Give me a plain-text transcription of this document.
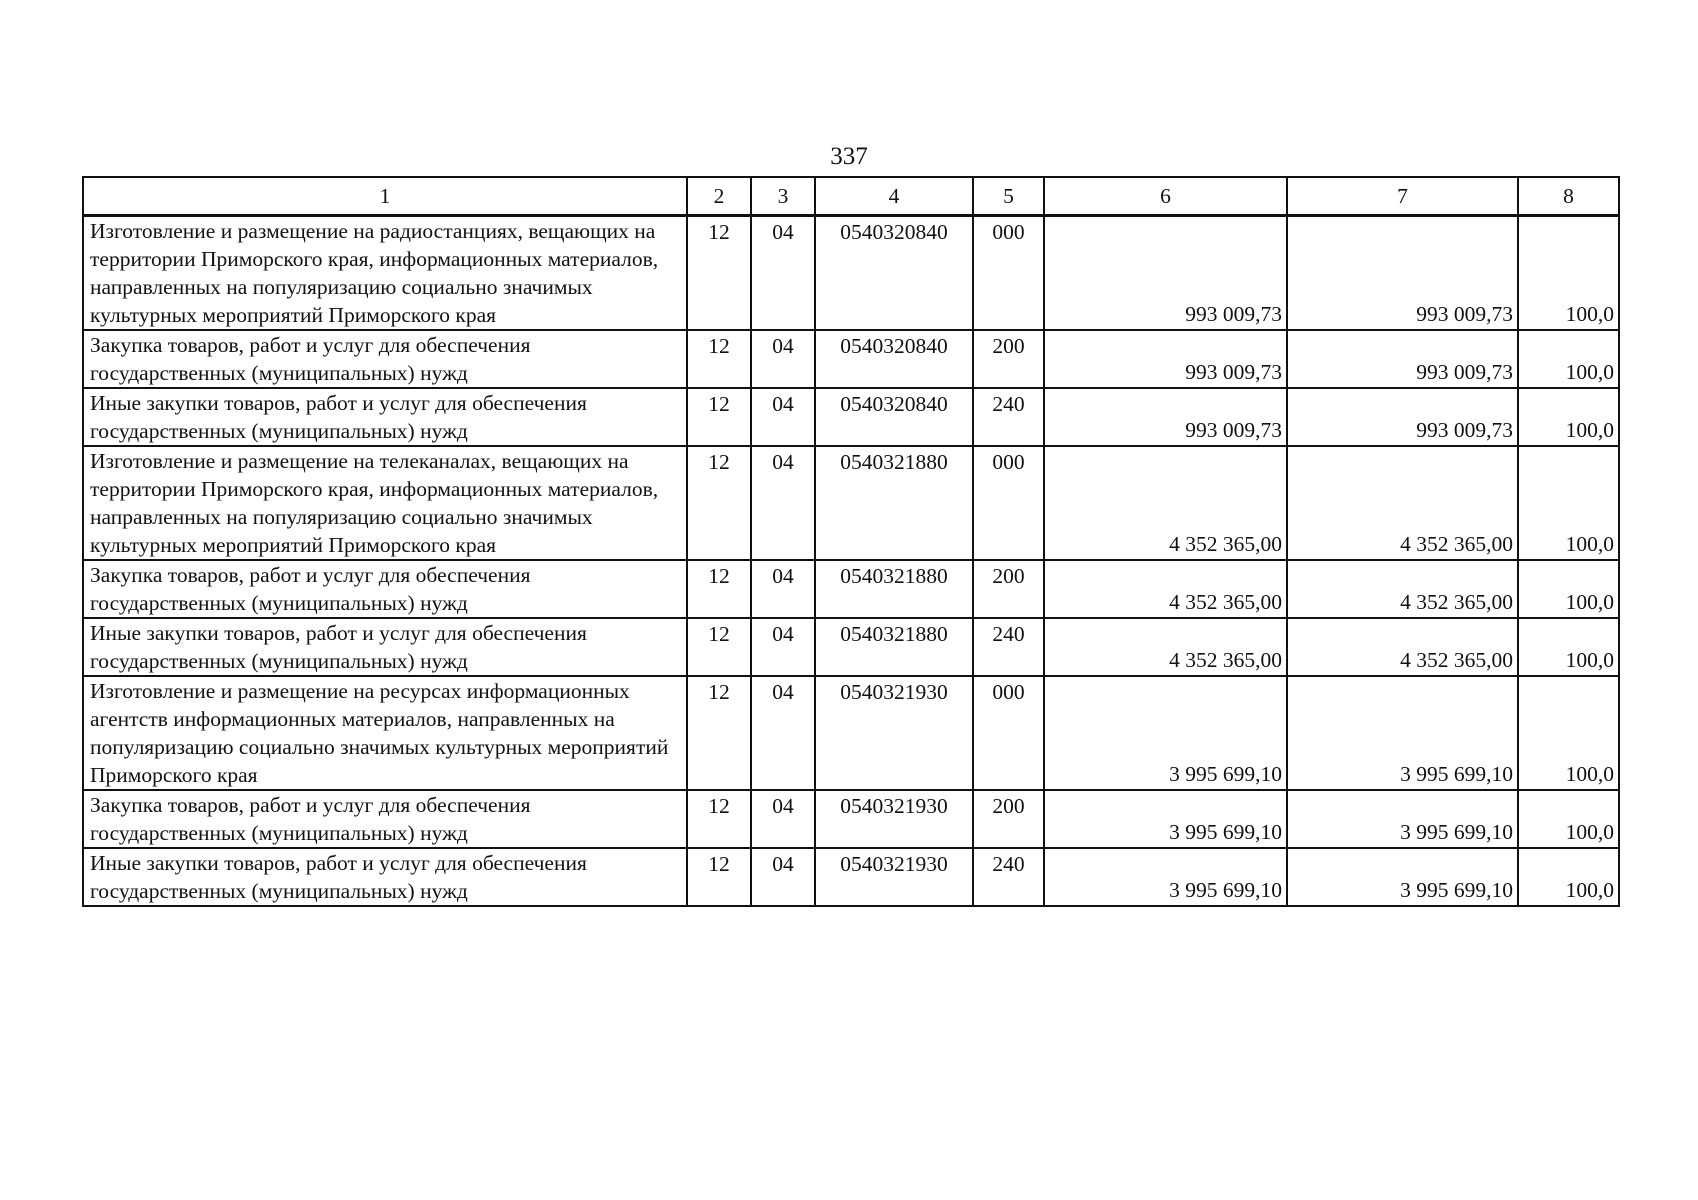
337
1	2	3	4	5	6	7	8
Изготовление и размещение на радиостанциях, вещающих на территории Приморского края, информационных материалов, направленных на популяризацию социально значимых культурных мероприятий Приморского края	12	04	0540320840	000	993 009,73	993 009,73	100,0
Закупка товаров, работ и услуг для обеспечения государственных (муниципальных) нужд	12	04	0540320840	200	993 009,73	993 009,73	100,0
Иные закупки товаров, работ и услуг для обеспечения государственных (муниципальных) нужд	12	04	0540320840	240	993 009,73	993 009,73	100,0
Изготовление и размещение на телеканалах, вещающих на территории Приморского края, информационных материалов, направленных на популяризацию социально значимых культурных мероприятий Приморского края	12	04	0540321880	000	4 352 365,00	4 352 365,00	100,0
Закупка товаров, работ и услуг для обеспечения государственных (муниципальных) нужд	12	04	0540321880	200	4 352 365,00	4 352 365,00	100,0
Иные закупки товаров, работ и услуг для обеспечения государственных (муниципальных) нужд	12	04	0540321880	240	4 352 365,00	4 352 365,00	100,0
Изготовление и размещение на ресурсах информационных агентств информационных материалов, направленных на популяризацию социально значимых культурных мероприятий Приморского края	12	04	0540321930	000	3 995 699,10	3 995 699,10	100,0
Закупка товаров, работ и услуг для обеспечения государственных (муниципальных) нужд	12	04	0540321930	200	3 995 699,10	3 995 699,10	100,0
Иные закупки товаров, работ и услуг для обеспечения государственных (муниципальных) нужд	12	04	0540321930	240	3 995 699,10	3 995 699,10	100,0
